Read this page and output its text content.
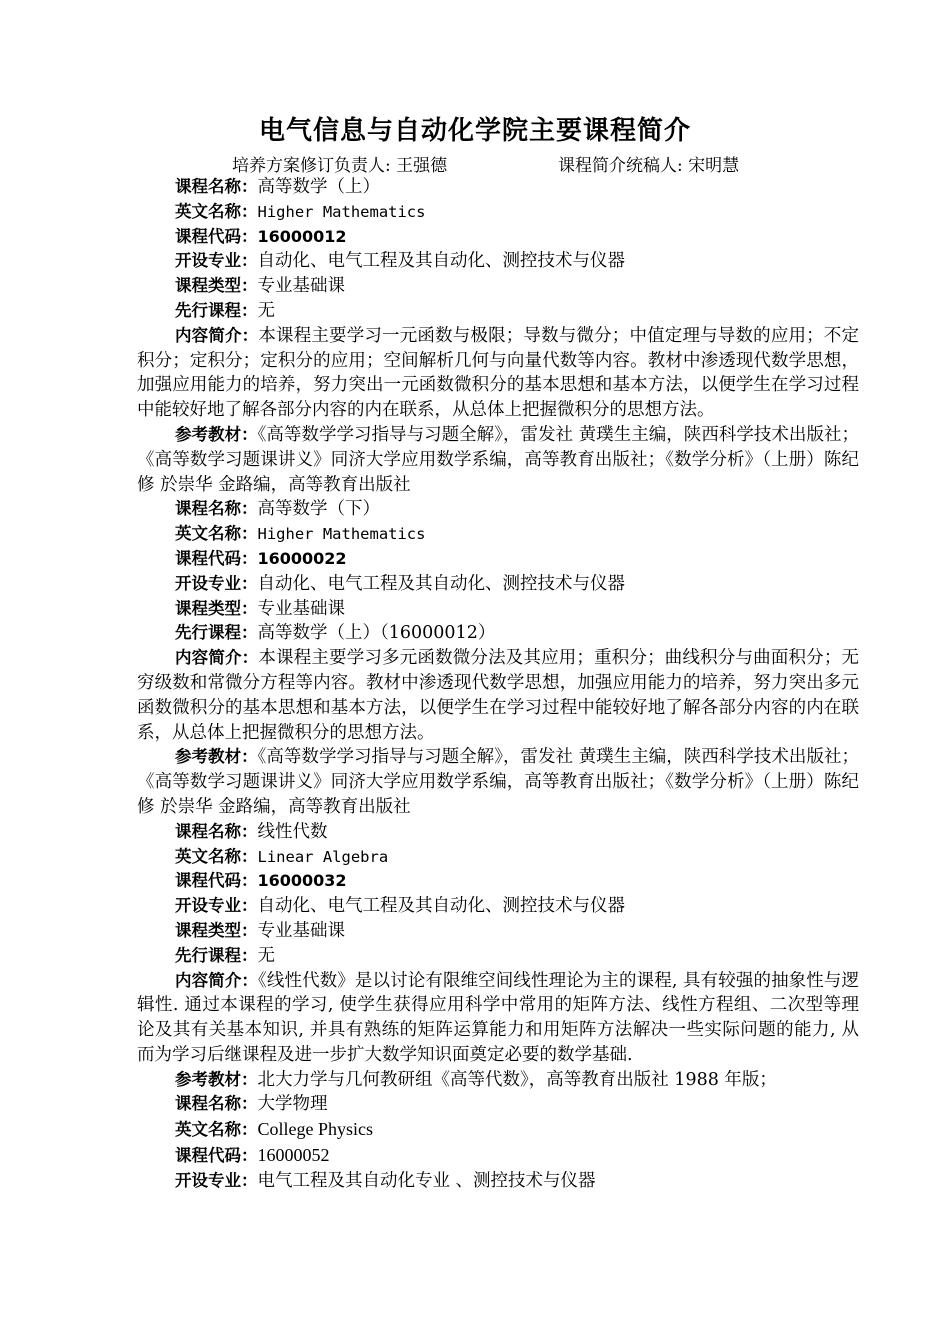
电气信息与自动化学院主要课程简介
培养方案修订负责人: 王强德	课程简介统稿人: 宋明慧

课程名称：高等数学（上）

英文名称：Higher Mathematics

课程代码：16000012

开设专业：自动化、电气工程及其自动化、测控技术与仪器

课程类型：专业基础课

先行课程：无

内容简介：本课程主要学习一元函数与极限；导数与微分；中值定理与导数的应用；不定积分；定积分；定积分的应用；空间解析几何与向量代数等内容。教材中渗透现代数学思想，加强应用能力的培养，努力突出一元函数微积分的基本思想和基本方法，以便学生在学习过程中能较好地了解各部分内容的内在联系，从总体上把握微积分的思想方法。

参考教材：《高等数学学习指导与习题全解》，雷发社 黄璞生主编，陕西科学技术出版社；《高等数学习题课讲义》同济大学应用数学系编，高等教育出版社；《数学分析》（上册）陈纪修 於崇华 金路编，高等教育出版社

课程名称：高等数学（下）

英文名称：Higher Mathematics

课程代码：16000022

开设专业：自动化、电气工程及其自动化、测控技术与仪器

课程类型：专业基础课

先行课程：高等数学（上）（16000012）

内容简介：本课程主要学习多元函数微分法及其应用；重积分；曲线积分与曲面积分；无穷级数和常微分方程等内容。教材中渗透现代数学思想，加强应用能力的培养，努力突出多元函数微积分的基本思想和基本方法，以便学生在学习过程中能较好地了解各部分内容的内在联系，从总体上把握微积分的思想方法。

参考教材：《高等数学学习指导与习题全解》，雷发社 黄璞生主编，陕西科学技术出版社；《高等数学习题课讲义》同济大学应用数学系编，高等教育出版社；《数学分析》（上册）陈纪修 於崇华 金路编，高等教育出版社

课程名称：线性代数

英文名称：Linear Algebra

课程代码：16000032

开设专业：自动化、电气工程及其自动化、测控技术与仪器

课程类型：专业基础课

先行课程：无

内容简介：《线性代数》是以讨论有限维空间线性理论为主的课程, 具有较强的抽象性与逻辑性. 通过本课程的学习, 使学生获得应用科学中常用的矩阵方法、线性方程组、二次型等理论及其有关基本知识, 并具有熟练的矩阵运算能力和用矩阵方法解决一些实际问题的能力, 从而为学习后继课程及进一步扩大数学知识面奠定必要的数学基础.

参考教材：北大力学与几何教研组《高等代数》，高等教育出版社 1988 年版；

课程名称：大学物理

英文名称：College Physics

课程代码：16000052

开设专业：电气工程及其自动化专业 、测控技术与仪器
